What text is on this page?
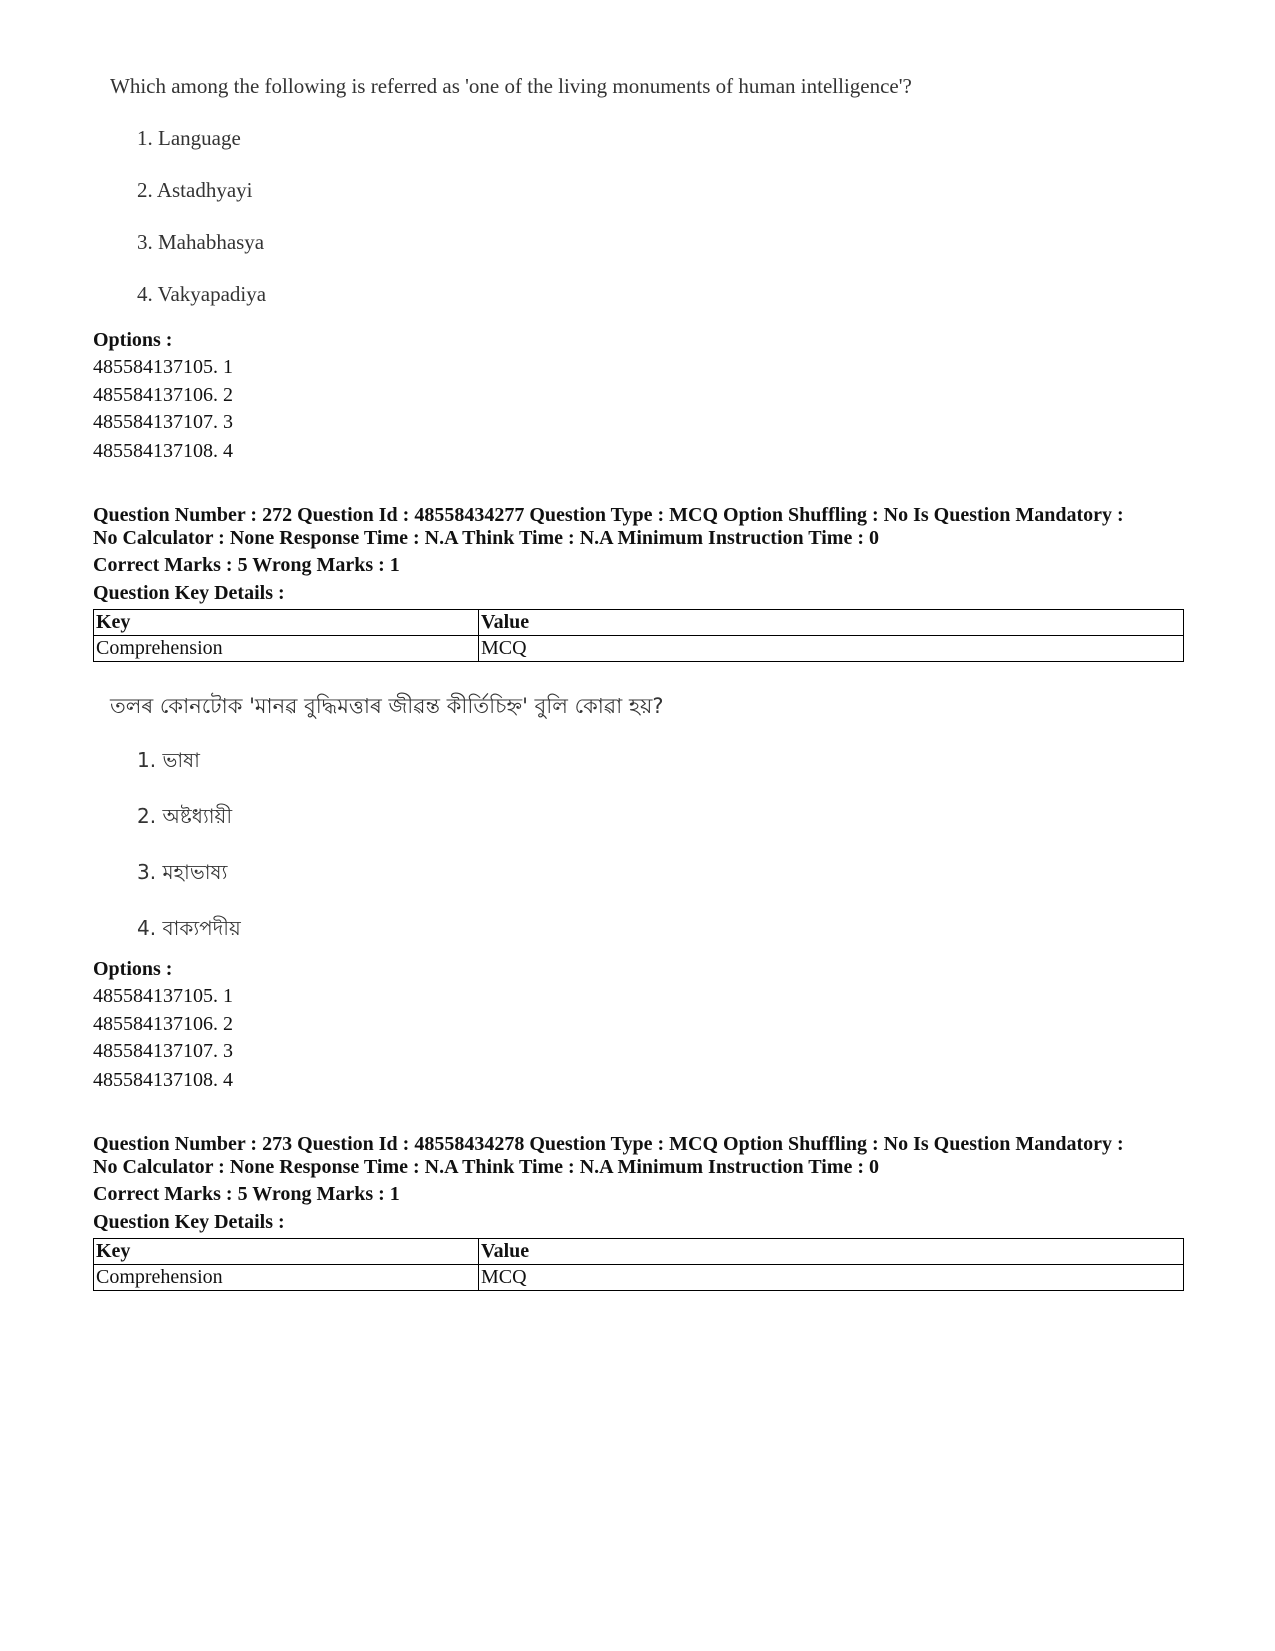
Which among the following is referred as 'one of the living monuments of human intelligence'?
1. Language
2. Astadhyayi
3. Mahabhasya
4. Vakyapadiya
Options :
485584137105. 1
485584137106. 2
485584137107. 3
485584137108. 4
Question Number : 272 Question Id : 48558434277 Question Type : MCQ Option Shuffling : No Is Question Mandatory :
No Calculator : None Response Time : N.A Think Time : N.A Minimum Instruction Time : 0
Correct Marks : 5 Wrong Marks : 1
Question Key Details :
Key	Value
Comprehension	MCQ
তলৰ কোনটোক 'মানৱ বুদ্ধিমত্তাৰ জীৱন্ত কীৰ্তিচিহ্ন' বুলি কোৱা হয়?
1. ভাষা
2. অষ্টধ্যায়ী
3. মহাভাষ্য
4. বাক্যপদীয়
Options :
485584137105. 1
485584137106. 2
485584137107. 3
485584137108. 4
Question Number : 273 Question Id : 48558434278 Question Type : MCQ Option Shuffling : No Is Question Mandatory :
No Calculator : None Response Time : N.A Think Time : N.A Minimum Instruction Time : 0
Correct Marks : 5 Wrong Marks : 1
Question Key Details :
Key	Value
Comprehension	MCQ
